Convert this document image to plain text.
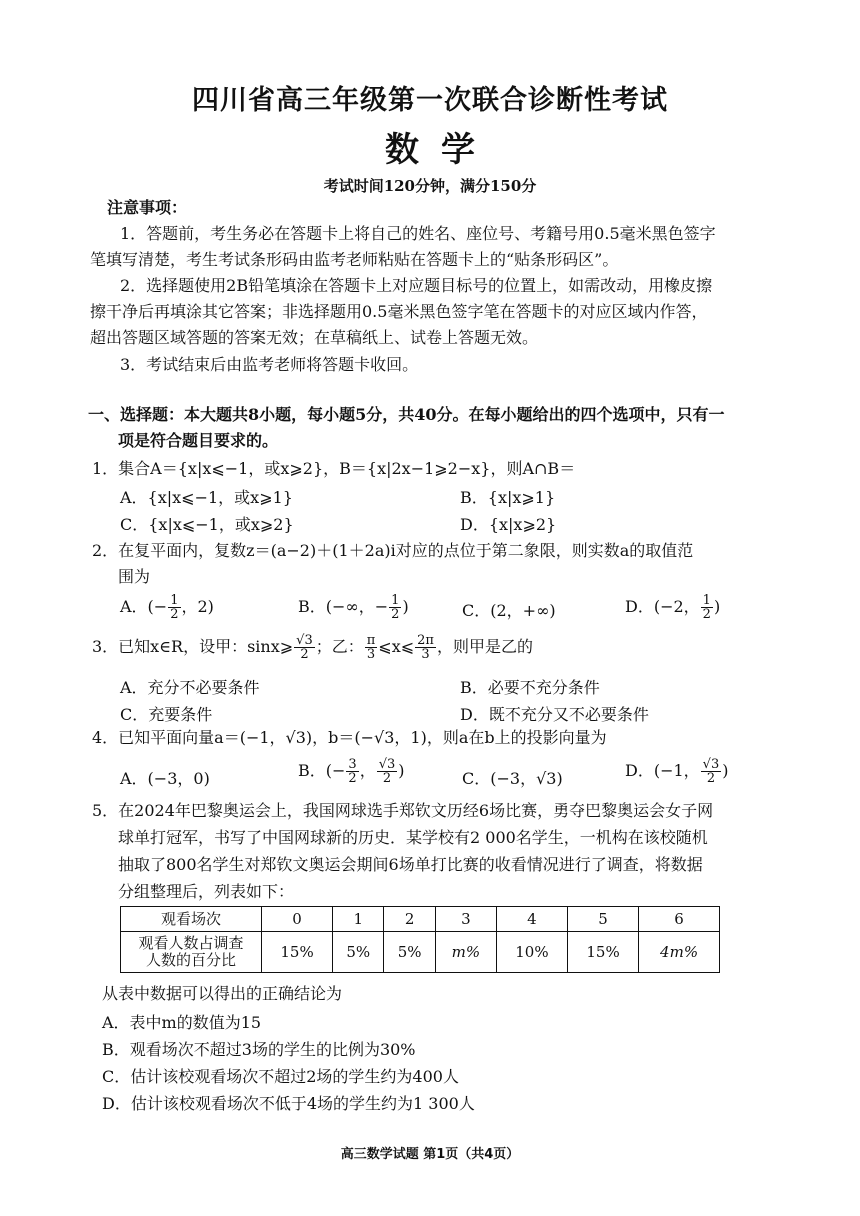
四川省高三年级第一次联合诊断性考试
数学
考试时间120分钟，满分150分
注意事项：
1．答题前，考生务必在答题卡上将自己的姓名、座位号、考籍号用0.5毫米黑色签字
笔填写清楚，考生考试条形码由监考老师粘贴在答题卡上的“贴条形码区”。
2．选择题使用2B铅笔填涂在答题卡上对应题目标号的位置上，如需改动，用橡皮擦
擦干净后再填涂其它答案；非选择题用0.5毫米黑色签字笔在答题卡的对应区域内作答，
超出答题区域答题的答案无效；在草稿纸上、试卷上答题无效。
3．考试结束后由监考老师将答题卡收回。
一、选择题：本大题共8小题，每小题5分，共40分。在每小题给出的四个选项中，只有一
项是符合题目要求的。
1．集合A＝{x|x⩽−1，或x⩾2}，B＝{x|2x−1⩾2−x}，则A∩B＝
A．{x|x⩽−1，或x⩾1}	B．{x|x⩾1}
C．{x|x⩽−1，或x⩾2}	D．{x|x⩾2}
2．在复平面内，复数z＝(a−2)＋(1＋2a)i对应的点位于第二象限，则实数a的取值范
围为
A．(− $\frac{1}{2}$ ，2)	B．(−∞，− $\frac{1}{2}$ )	C．(2，+∞)	D．(−2， $\frac{1}{2}$ )
3．已知x∈R，设甲：sinx⩾ $\frac{√3}{2}$ ；乙： $\frac{\pi}{3}$ ⩽x⩽ $\frac{2\pi}{3}$ ，则甲是乙的
A．充分不必要条件	B．必要不充分条件
C．充要条件	D．既不充分又不必要条件
4．已知平面向量a＝(−1，√3)，b＝(−√3，1)，则a在b上的投影向量为
A．(−3，0)	B．(− $\frac{3}{2}$ ， $\frac{√3}{2}$ )	C．(−3，√3)	D．(−1， $\frac{√3}{2}$ )
5．在2024年巴黎奥运会上，我国网球选手郑钦文历经6场比赛，勇夺巴黎奥运会女子网
球单打冠军，书写了中国网球新的历史．某学校有2 000名学生，一机构在该校随机
抽取了800名学生对郑钦文奥运会期间6场单打比赛的收看情况进行了调查，将数据
分组整理后，列表如下：
观看场次	0	1	2	3	4	5	6
观看人数占调查
人数的百分比	15%	5%	5%	m%	10%	15%	4m%
从表中数据可以得出的正确结论为
A．表中m的数值为15
B．观看场次不超过3场的学生的比例为30%
C．估计该校观看场次不超过2场的学生约为400人
D．估计该校观看场次不低于4场的学生约为1 300人
高三数学试题 第1页（共4页）
